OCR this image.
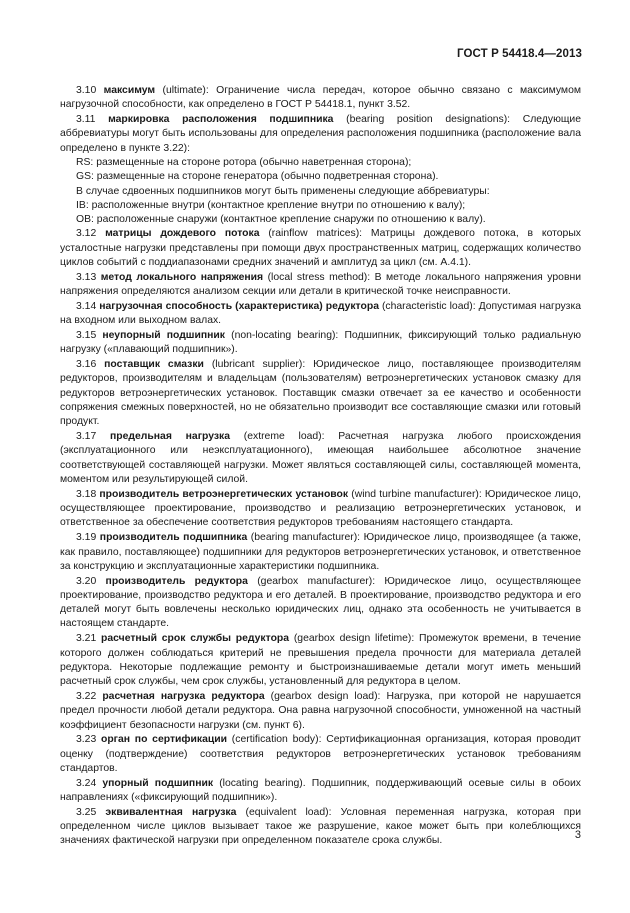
ГОСТ Р 54418.4—2013

3.10 максимум (ultimate): Ограничение числа передач, которое обычно связано с максимумом нагрузочной способности, как определено в ГОСТ Р 54418.1, пункт 3.52.

3.11 маркировка расположения подшипника (bearing position designations): Следующие аббревиатуры могут быть использованы для определения расположения подшипника (расположение вала определено в пункте 3.22):

RS: размещенные на стороне ротора (обычно наветренная сторона);

GS: размещенные на стороне генератора (обычно подветренная сторона).

В случае сдвоенных подшипников могут быть применены следующие аббревиатуры:

IB: расположенные внутри (контактное крепление внутри по отношению к валу);

OB: расположенные снаружи (контактное крепление снаружи по отношению к валу).

3.12 матрицы дождевого потока (rainflow matrices): Матрицы дождевого потока, в которых усталостные нагрузки представлены при помощи двух пространственных матриц, содержащих количество циклов событий с поддиапазонами средних значений и амплитуд за цикл (см. А.4.1).

3.13 метод локального напряжения (local stress method): В методе локального напряжения уровни напряжения определяются анализом секции или детали в критической точке неисправности.

3.14 нагрузочная способность (характеристика) редуктора (characteristic load): Допустимая нагрузка на входном или выходном валах.

3.15 неупорный подшипник (non-locating bearing): Подшипник, фиксирующий только радиальную нагрузку («плавающий подшипник»).

3.16 поставщик смазки (lubricant supplier): Юридическое лицо, поставляющее производителям редукторов, производителям и владельцам (пользователям) ветроэнергетических установок смазку для редукторов ветроэнергетических установок. Поставщик смазки отвечает за ее качество и особенности сопряжения смежных поверхностей, но не обязательно производит все составляющие смазки или готовый продукт.

3.17 предельная нагрузка (extreme load): Расчетная нагрузка любого происхождения (эксплуатационного или неэксплуатационного), имеющая наибольшее абсолютное значение соответствующей составляющей нагрузки. Может являться составляющей силы, составляющей момента, моментом или результирующей силой.

3.18 производитель ветроэнергетических установок (wind turbine manufacturer): Юридическое лицо, осуществляющее проектирование, производство и реализацию ветроэнергетических установок, и ответственное за обеспечение соответствия редукторов требованиям настоящего стандарта.

3.19 производитель подшипника (bearing manufacturer): Юридическое лицо, производящее (а также, как правило, поставляющее) подшипники для редукторов ветроэнергетических установок, и ответственное за конструкцию и эксплуатационные характеристики подшипника.

3.20 производитель редуктора (gearbox manufacturer): Юридическое лицо, осуществляющее проектирование, производство редуктора и его деталей. В проектирование, производство редуктора и его деталей могут быть вовлечены несколько юридических лиц, однако эта особенность не учитывается в настоящем стандарте.

3.21 расчетный срок службы редуктора (gearbox design lifetime): Промежуток времени, в течение которого должен соблюдаться критерий не превышения предела прочности для материала деталей редуктора. Некоторые подлежащие ремонту и быстроизнашиваемые детали могут иметь меньший расчетный срок службы, чем срок службы, установленный для редуктора в целом.

3.22 расчетная нагрузка редуктора (gearbox design load): Нагрузка, при которой не нарушается предел прочности любой детали редуктора. Она равна нагрузочной способности, умноженной на частный коэффициент безопасности нагрузки (см. пункт 6).

3.23 орган по сертификации (certification body): Сертификационная организация, которая проводит оценку (подтверждение) соответствия редукторов ветроэнергетических установок требованиям стандартов.

3.24 упорный подшипник (locating bearing). Подшипник, поддерживающий осевые силы в обоих направлениях («фиксирующий подшипник»).

3.25 эквивалентная нагрузка (equivalent load): Условная переменная нагрузка, которая при определенном числе циклов вызывает такое же разрушение, какое может быть при колеблющихся значениях фактической нагрузки при определенном показателе срока службы.	3
